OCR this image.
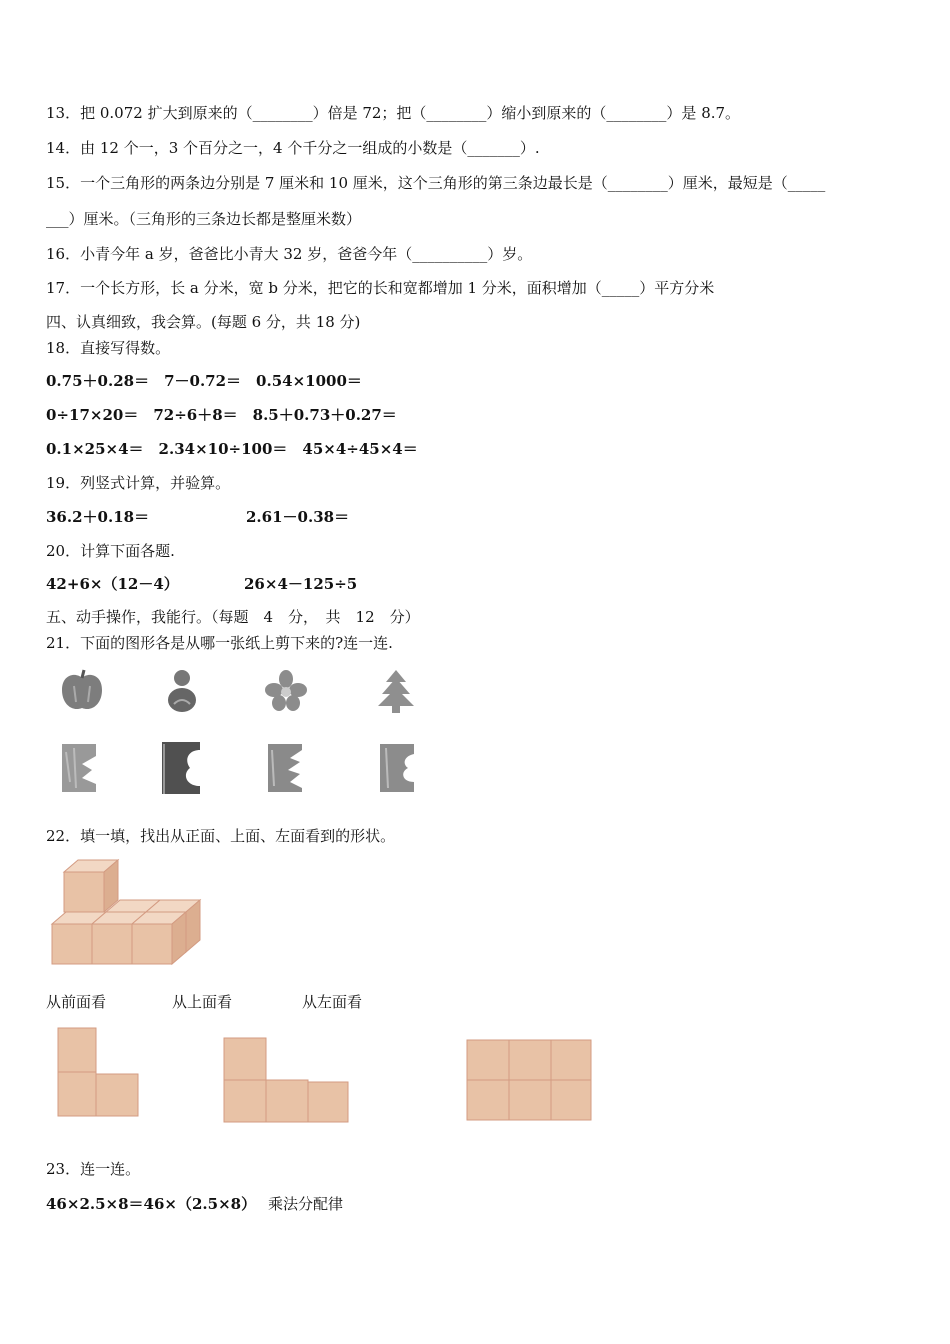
13．把 0.072 扩大到原来的（________）倍是 72；把（________）缩小到原来的（________）是 8.7。
14．由 12 个一，3 个百分之一，4 个千分之一组成的小数是（_______）.
15．一个三角形的两条边分别是 7 厘米和 10 厘米，这个三角形的第三条边最长是（________）厘米，最短是（_____
___）厘米。（三角形的三条边长都是整厘米数）
16．小青今年 a 岁，爸爸比小青大 32 岁，爸爸今年（__________）岁。
17．一个长方形，长 a 分米，宽 b 分米，把它的长和宽都增加 1 分米，面积增加（_____）平方分米
四、认真细致，我会算。(每题 6 分，共 18 分)
18．直接写得数。
0.75＋0.28＝　7－0.72＝　0.54×1000＝
0÷17×20＝　72÷6＋8＝　8.5＋0.73＋0.27＝
0.1×25×4＝　2.34×10÷100＝　45×4÷45×4＝
19．列竖式计算，并验算。
36.2＋0.18＝	2.61－0.38＝
20．计算下面各题.
42+6×（12－4）	26×4－125÷5
五、动手操作，我能行。（每题　4　分，　共　12　分）
21．下面的图形各是从哪一张纸上剪下来的?连一连.
22．填一填，找出从正面、上面、左面看到的形状。
从前面看	从上面看	从左面看
23．连一连。
46×2.5×8＝46×（2.5×8） 乘法分配律
